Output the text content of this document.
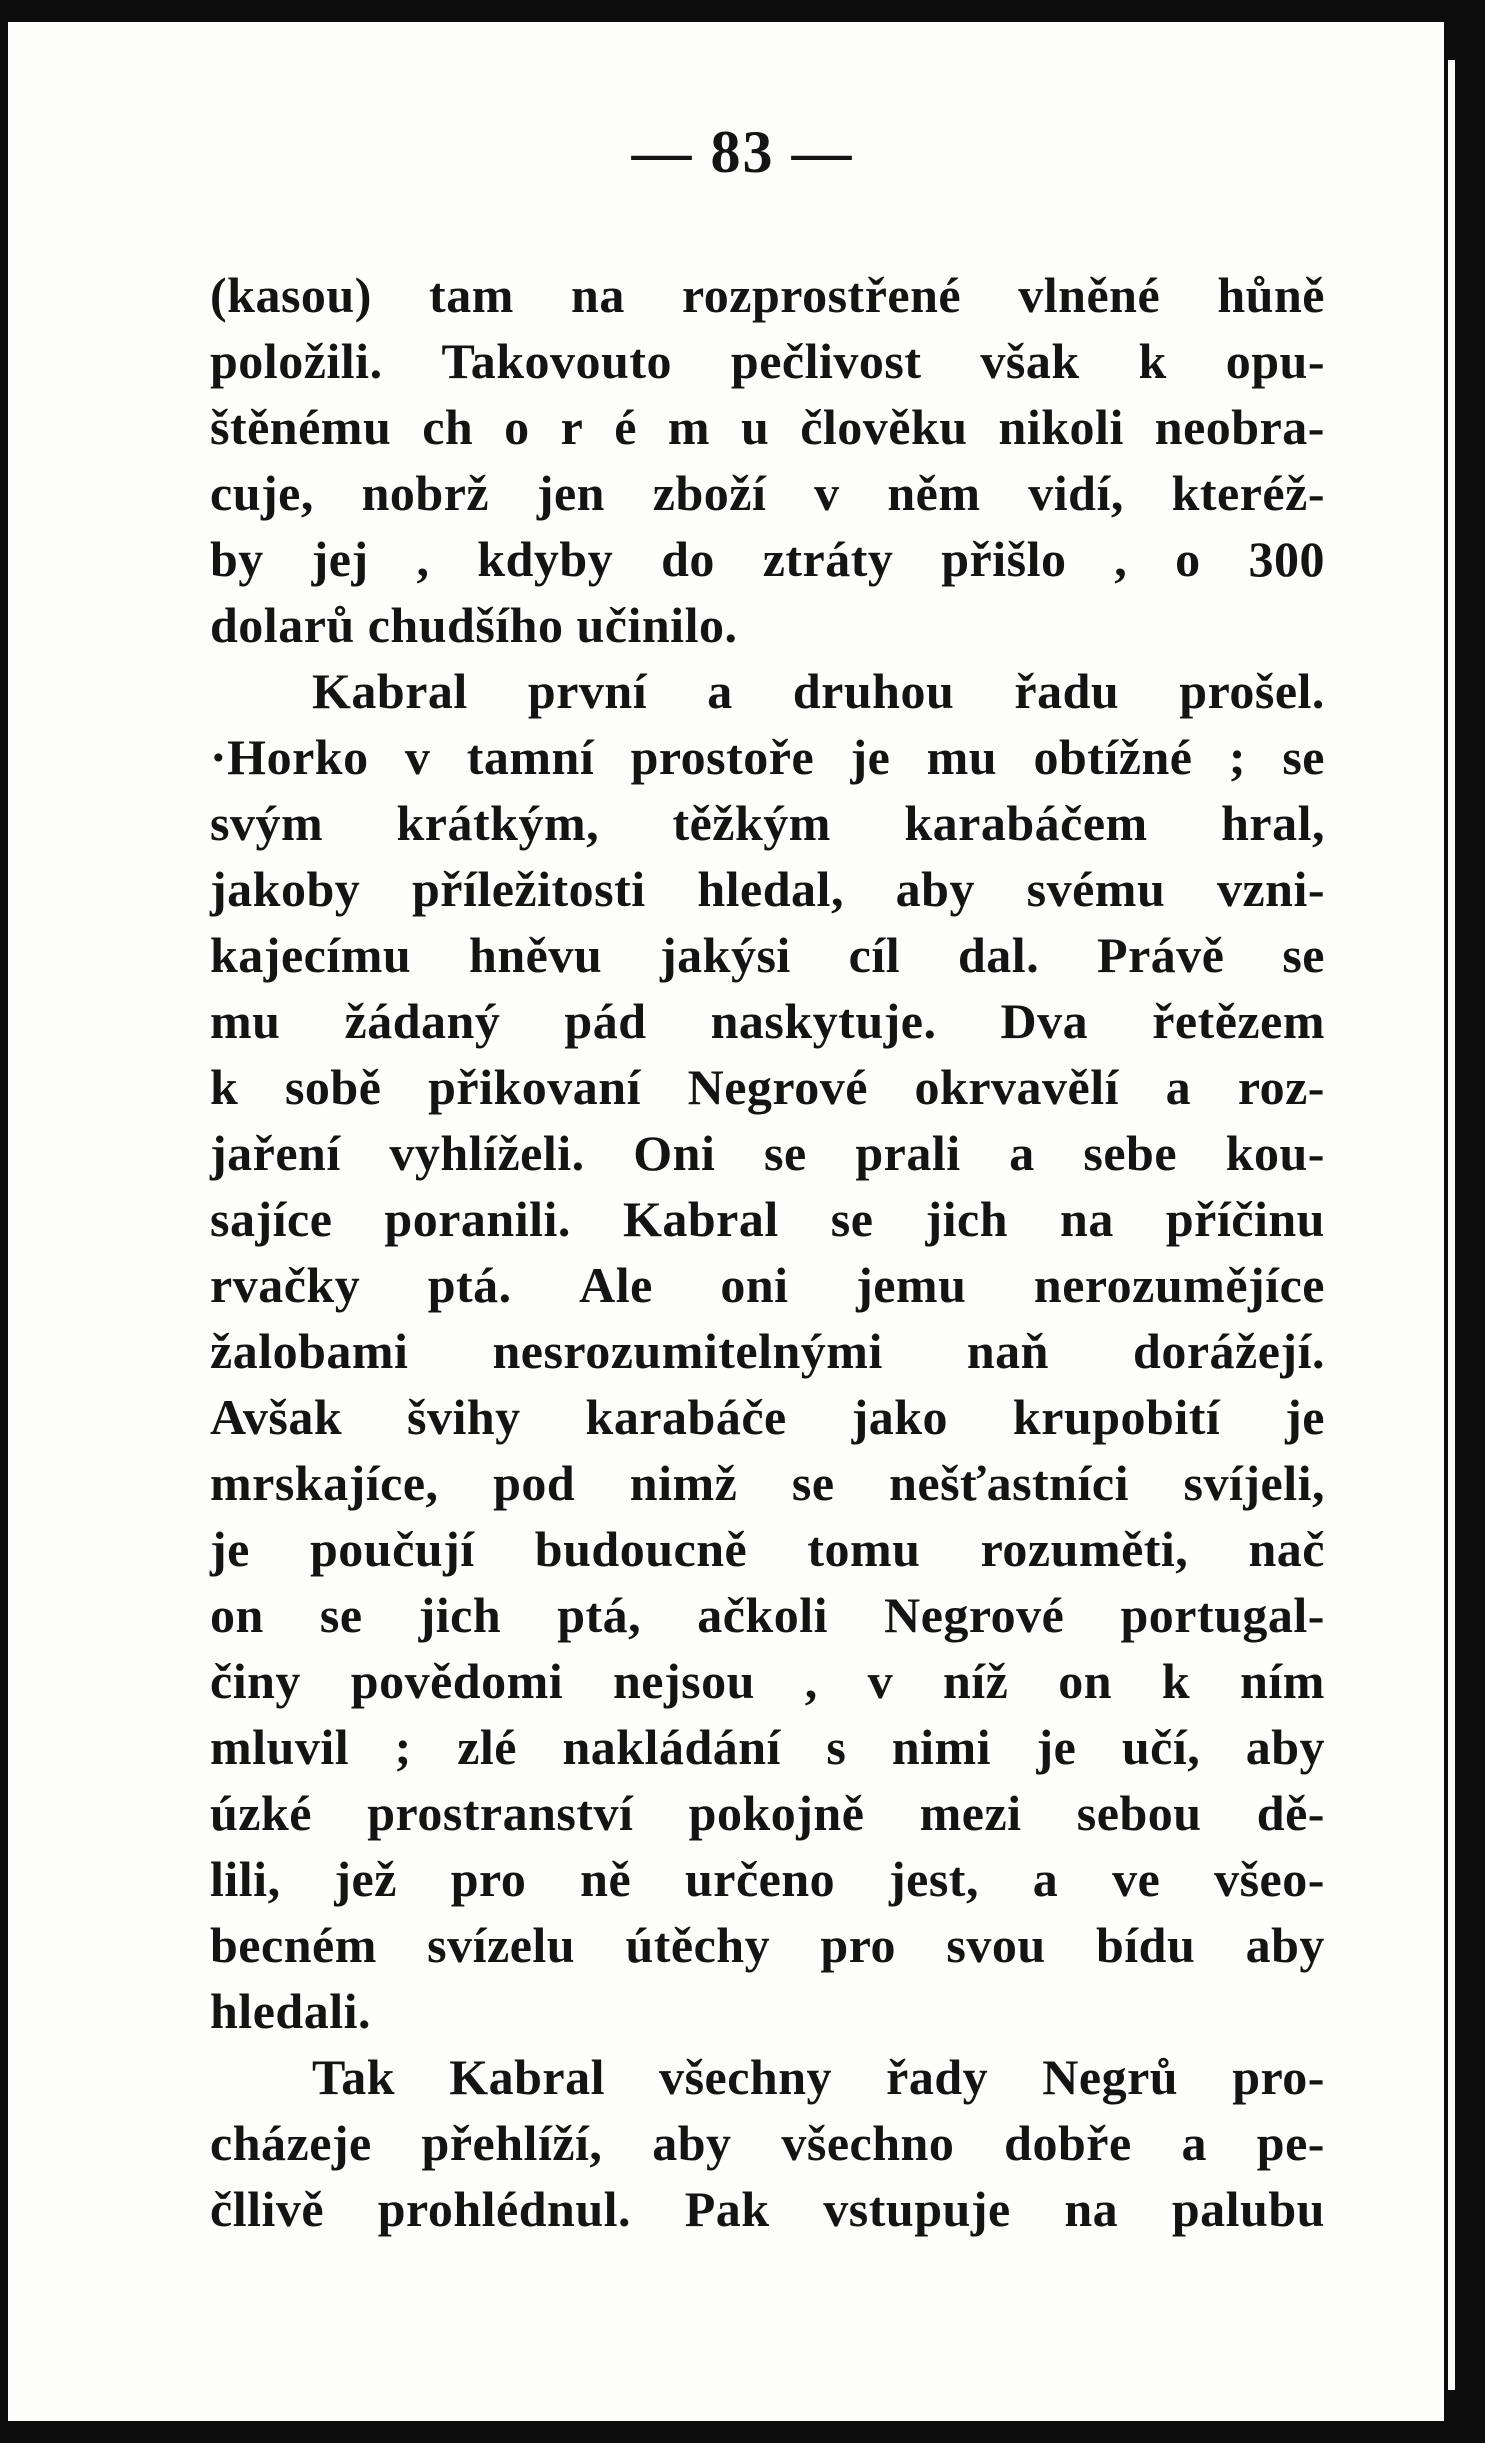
— 83 —
(kasou) tam na rozprostřené vlněné hůně
položili. Takovouto pečlivost však k opu-
štěnému ch o r é m u člověku nikoli neobra-
cuje, nobrž jen zboží v něm vidí, kteréž-
by jej , kdyby do ztráty přišlo , o 300
dolarů chudšího učinilo.
Kabral první a druhou řadu prošel.
·Horko v tamní prostoře je mu obtížné ; se
svým krátkým, těžkým karabáčem hral,
jakoby příležitosti hledal, aby svému vzni-
kajecímu hněvu jakýsi cíl dal. Právě se
mu žádaný pád naskytuje. Dva řetězem
k sobě přikovaní Negrové okrvavělí a roz-
jaření vyhlíželi. Oni se prali a sebe kou-
sajíce poranili. Kabral se jich na příčinu
rvačky ptá. Ale oni jemu nerozumějíce
žalobami nesrozumitelnými naň dorážejí.
Avšak švihy karabáče jako krupobití je
mrskajíce, pod nimž se nešťastníci svíjeli,
je poučují budoucně tomu rozuměti, nač
on se jich ptá, ačkoli Negrové portugal-
činy povědomi nejsou , v níž on k ním
mluvil ; zlé nakládání s nimi je učí, aby
úzké prostranství pokojně mezi sebou dě-
lili, jež pro ně určeno jest, a ve všeo-
becném svízelu útěchy pro svou bídu aby
hledali.
Tak Kabral všechny řady Negrů pro-
cházeje přehlíží, aby všechno dobře a pe-
čllivě prohlédnul. Pak vstupuje na palubu
